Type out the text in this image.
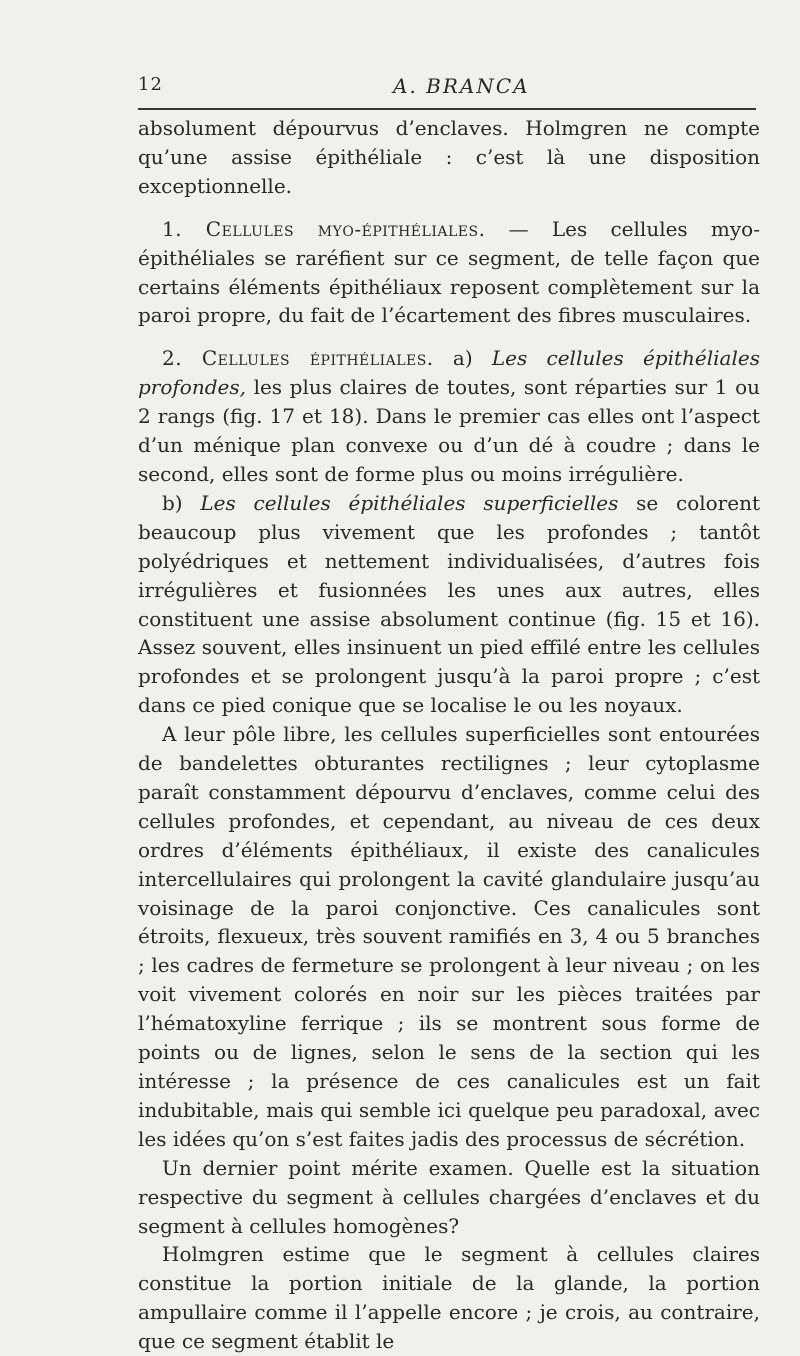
12	A. BRANCA

absolument dépourvus d’enclaves. Holmgren ne compte qu’une assise épithéliale : c’est là une disposition exceptionnelle.

1. Cellules myo-épithéliales. — Les cellules myo-épithéliales se raréfient sur ce segment, de telle façon que certains éléments épithéliaux reposent complètement sur la paroi propre, du fait de l’écartement des fibres musculaires.

2. Cellules épithéliales. a) Les cellules épithéliales profondes, les plus claires de toutes, sont réparties sur 1 ou 2 rangs (fig. 17 et 18). Dans le premier cas elles ont l’aspect d’un ménique plan convexe ou d’un dé à coudre ; dans le second, elles sont de forme plus ou moins irrégulière.

b) Les cellules épithéliales superficielles se colorent beaucoup plus vivement que les profondes ; tantôt polyédriques et nettement individualisées, d’autres fois irrégulières et fusionnées les unes aux autres, elles constituent une assise absolument continue (fig. 15 et 16). Assez souvent, elles insinuent un pied effilé entre les cellules profondes et se prolongent jusqu’à la paroi propre ; c’est dans ce pied conique que se localise le ou les noyaux.

A leur pôle libre, les cellules superficielles sont entourées de bandelettes obturantes rectilignes ; leur cytoplasme paraît constamment dépourvu d’enclaves, comme celui des cellules profondes, et cependant, au niveau de ces deux ordres d’éléments épithéliaux, il existe des canalicules intercellulaires qui prolongent la cavité glandulaire jusqu’au voisinage de la paroi conjonctive. Ces canalicules sont étroits, flexueux, très souvent ramifiés en 3, 4 ou 5 branches ; les cadres de fermeture se prolongent à leur niveau ; on les voit vivement colorés en noir sur les pièces traitées par l’hématoxyline ferrique ; ils se montrent sous forme de points ou de lignes, selon le sens de la section qui les intéresse ; la présence de ces canalicules est un fait indubitable, mais qui semble ici quelque peu paradoxal, avec les idées qu’on s’est faites jadis des processus de sécrétion.

Un dernier point mérite examen. Quelle est la situation respective du segment à cellules chargées d’enclaves et du segment à cellules homogènes?

Holmgren estime que le segment à cellules claires constitue la portion initiale de la glande, la portion ampullaire comme il l’appelle encore ; je crois, au contraire, que ce segment établit le
